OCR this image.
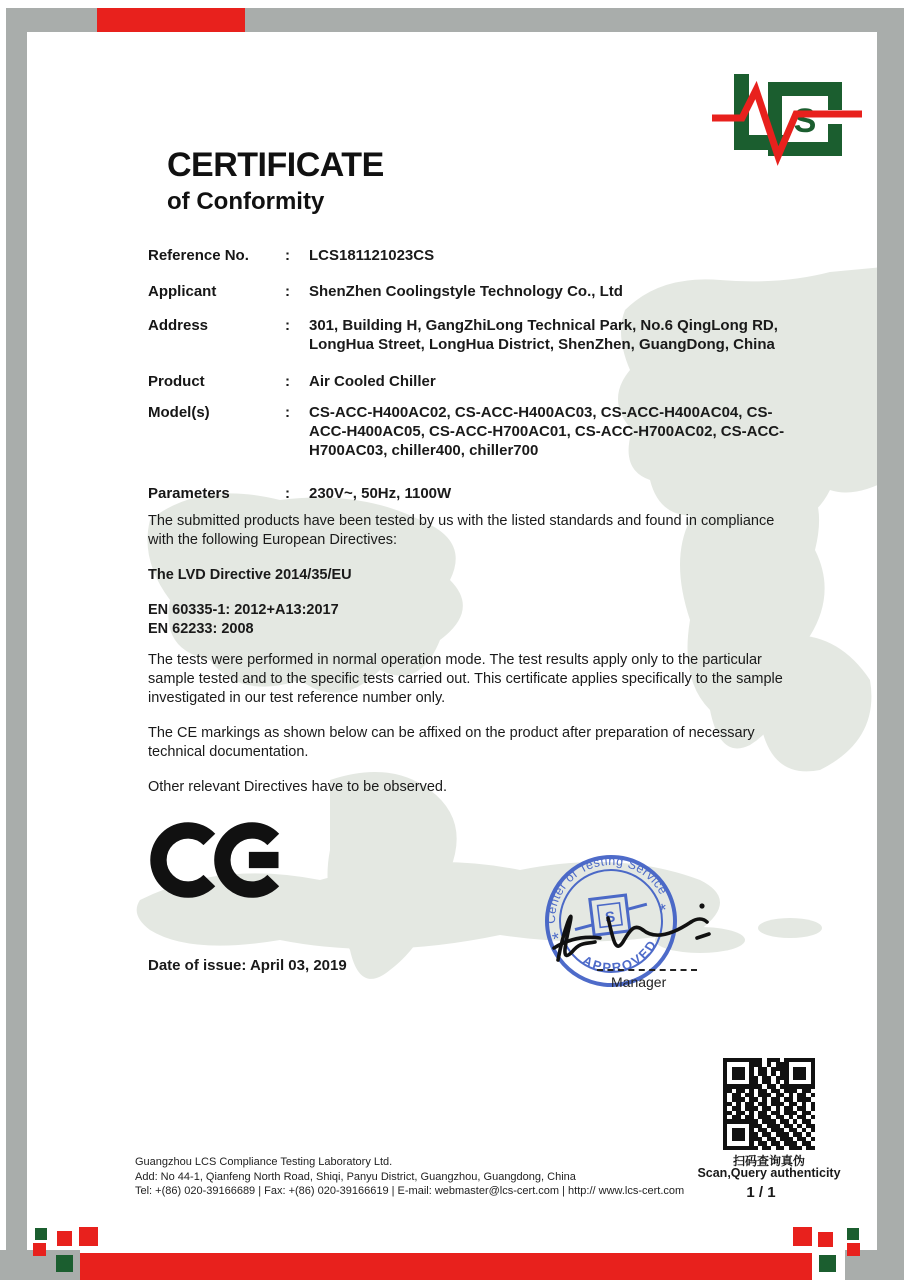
S
CERTIFICATE
of Conformity
Reference No.	:	LCS181121023CS
Applicant	:	ShenZhen Coolingstyle Technology Co., Ltd
Address	:	301, Building H, GangZhiLong Technical Park, No.6 QingLong RD, LongHua Street, LongHua District, ShenZhen, GuangDong, China
Product	:	Air Cooled Chiller
Model(s)	:	CS-ACC-H400AC02, CS-ACC-H400AC03, CS-ACC-H400AC04, CS-ACC-H400AC05, CS-ACC-H700AC01, CS-ACC-H700AC02, CS-ACC-H700AC03, chiller400, chiller700
Parameters	:	230V~, 50Hz, 1100W

The submitted products have been tested by us with the listed standards and found in compliance with the following European Directives:

The LVD Directive 2014/35/EU

EN 60335-1: 2012+A13:2017
EN 62233: 2008

The tests were performed in normal operation mode. The test results apply only to the particular sample tested and to the specific tests carried out. This certificate applies specifically to the sample investigated in our test reference number only.

The CE markings as shown below can be affixed on the product after preparation of necessary technical documentation.

Other relevant Directives have to be observed.

Date of issue: April 03, 2019
Center of Testing Service
APPROVED
*
*
S
Manager
扫码查询真伪
Scan,Query authenticity
1 / 1
Guangzhou LCS Compliance Testing Laboratory Ltd.
Add: No 44-1, Qianfeng North Road, Shiqi, Panyu District, Guangzhou, Guangdong, China
Tel: +(86) 020-39166689 | Fax: +(86) 020-39166619 | E-mail: webmaster@lcs-cert.com | http:// www.lcs-cert.com
